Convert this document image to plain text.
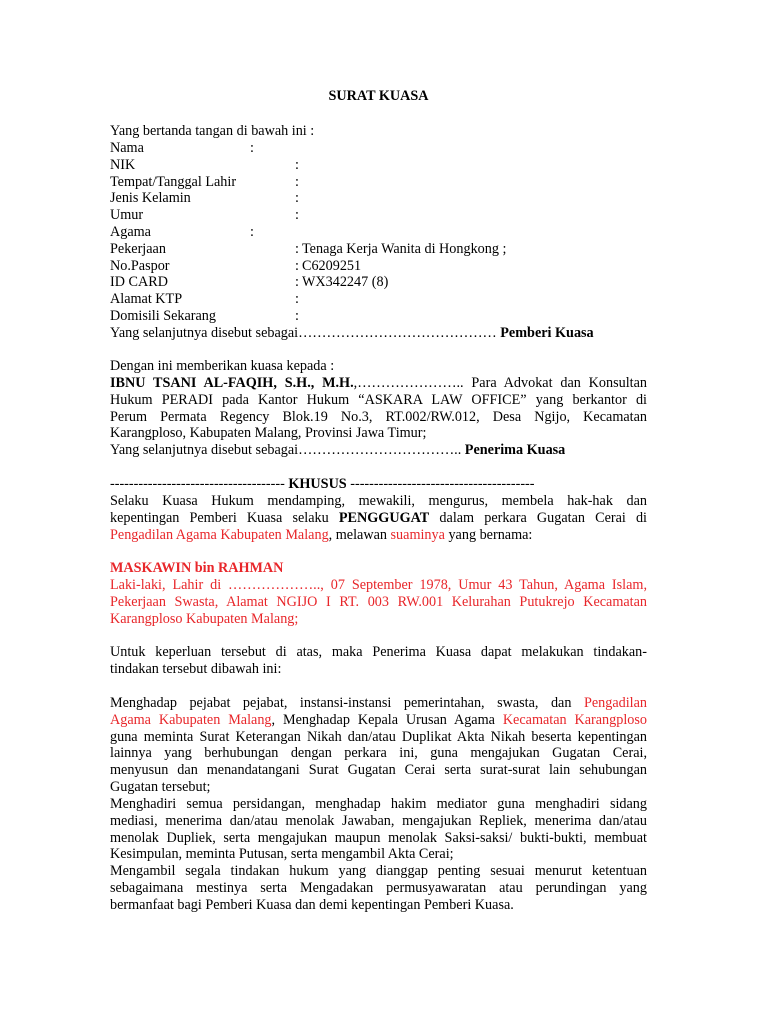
SURAT KUASA
Yang bertanda tangan di bawah ini :
Nama	:
NIK	:
Tempat/Tanggal Lahir	:
Jenis Kelamin	:
Umur	:
Agama	:
Pekerjaan	: Tenaga Kerja Wanita di Hongkong ;
No.Paspor	: C6209251
ID CARD	: WX342247 (8)
Alamat KTP	:
Domisili Sekarang	:
Yang selanjutnya disebut sebagai…………………………………… Pemberi Kuasa
Dengan ini memberikan kuasa kepada :
IBNU TSANI AL-FAQIH, S.H., M.H.,………………….. Para Advokat dan Konsultan
Hukum PERADI pada Kantor Hukum “ASKARA LAW OFFICE” yang berkantor di
Perum Permata Regency Blok.19 No.3, RT.002/RW.012, Desa Ngijo, Kecamatan
Karangploso, Kabupaten Malang, Provinsi Jawa Timur;
Yang selanjutnya disebut sebagai…………………………….. Penerima Kuasa
------------------------------------- KHUSUS ---------------------------------------
Selaku Kuasa Hukum mendamping, mewakili, mengurus, membela hak-hak dan
kepentingan Pemberi Kuasa selaku PENGGUGAT dalam perkara Gugatan Cerai di
Pengadilan Agama Kabupaten Malang, melawan suaminya yang bernama:
MASKAWIN bin RAHMAN
Laki-laki, Lahir di ……………….., 07 September 1978, Umur 43 Tahun, Agama Islam,
Pekerjaan Swasta, Alamat NGIJO I RT. 003 RW.001 Kelurahan Putukrejo Kecamatan
Karangploso Kabupaten Malang;
Untuk keperluan tersebut di atas, maka Penerima Kuasa dapat melakukan tindakan-
tindakan tersebut dibawah ini:
Menghadap pejabat pejabat, instansi-instansi pemerintahan, swasta, dan Pengadilan
Agama Kabupaten Malang, Menghadap Kepala Urusan Agama Kecamatan Karangploso
guna meminta Surat Keterangan Nikah dan/atau Duplikat Akta Nikah beserta kepentingan
lainnya yang berhubungan dengan perkara ini, guna mengajukan Gugatan Cerai,
menyusun dan menandatangani Surat Gugatan Cerai serta surat-surat lain sehubungan
Gugatan tersebut;
Menghadiri semua persidangan, menghadap hakim mediator guna menghadiri sidang
mediasi, menerima dan/atau menolak Jawaban, mengajukan Repliek, menerima dan/atau
menolak Dupliek, serta mengajukan maupun menolak Saksi-saksi/ bukti-bukti, membuat
Kesimpulan, meminta Putusan, serta mengambil Akta Cerai;
Mengambil segala tindakan hukum yang dianggap penting sesuai menurut ketentuan
sebagaimana mestinya serta Mengadakan permusyawaratan atau perundingan yang
bermanfaat bagi Pemberi Kuasa dan demi kepentingan Pemberi Kuasa.
